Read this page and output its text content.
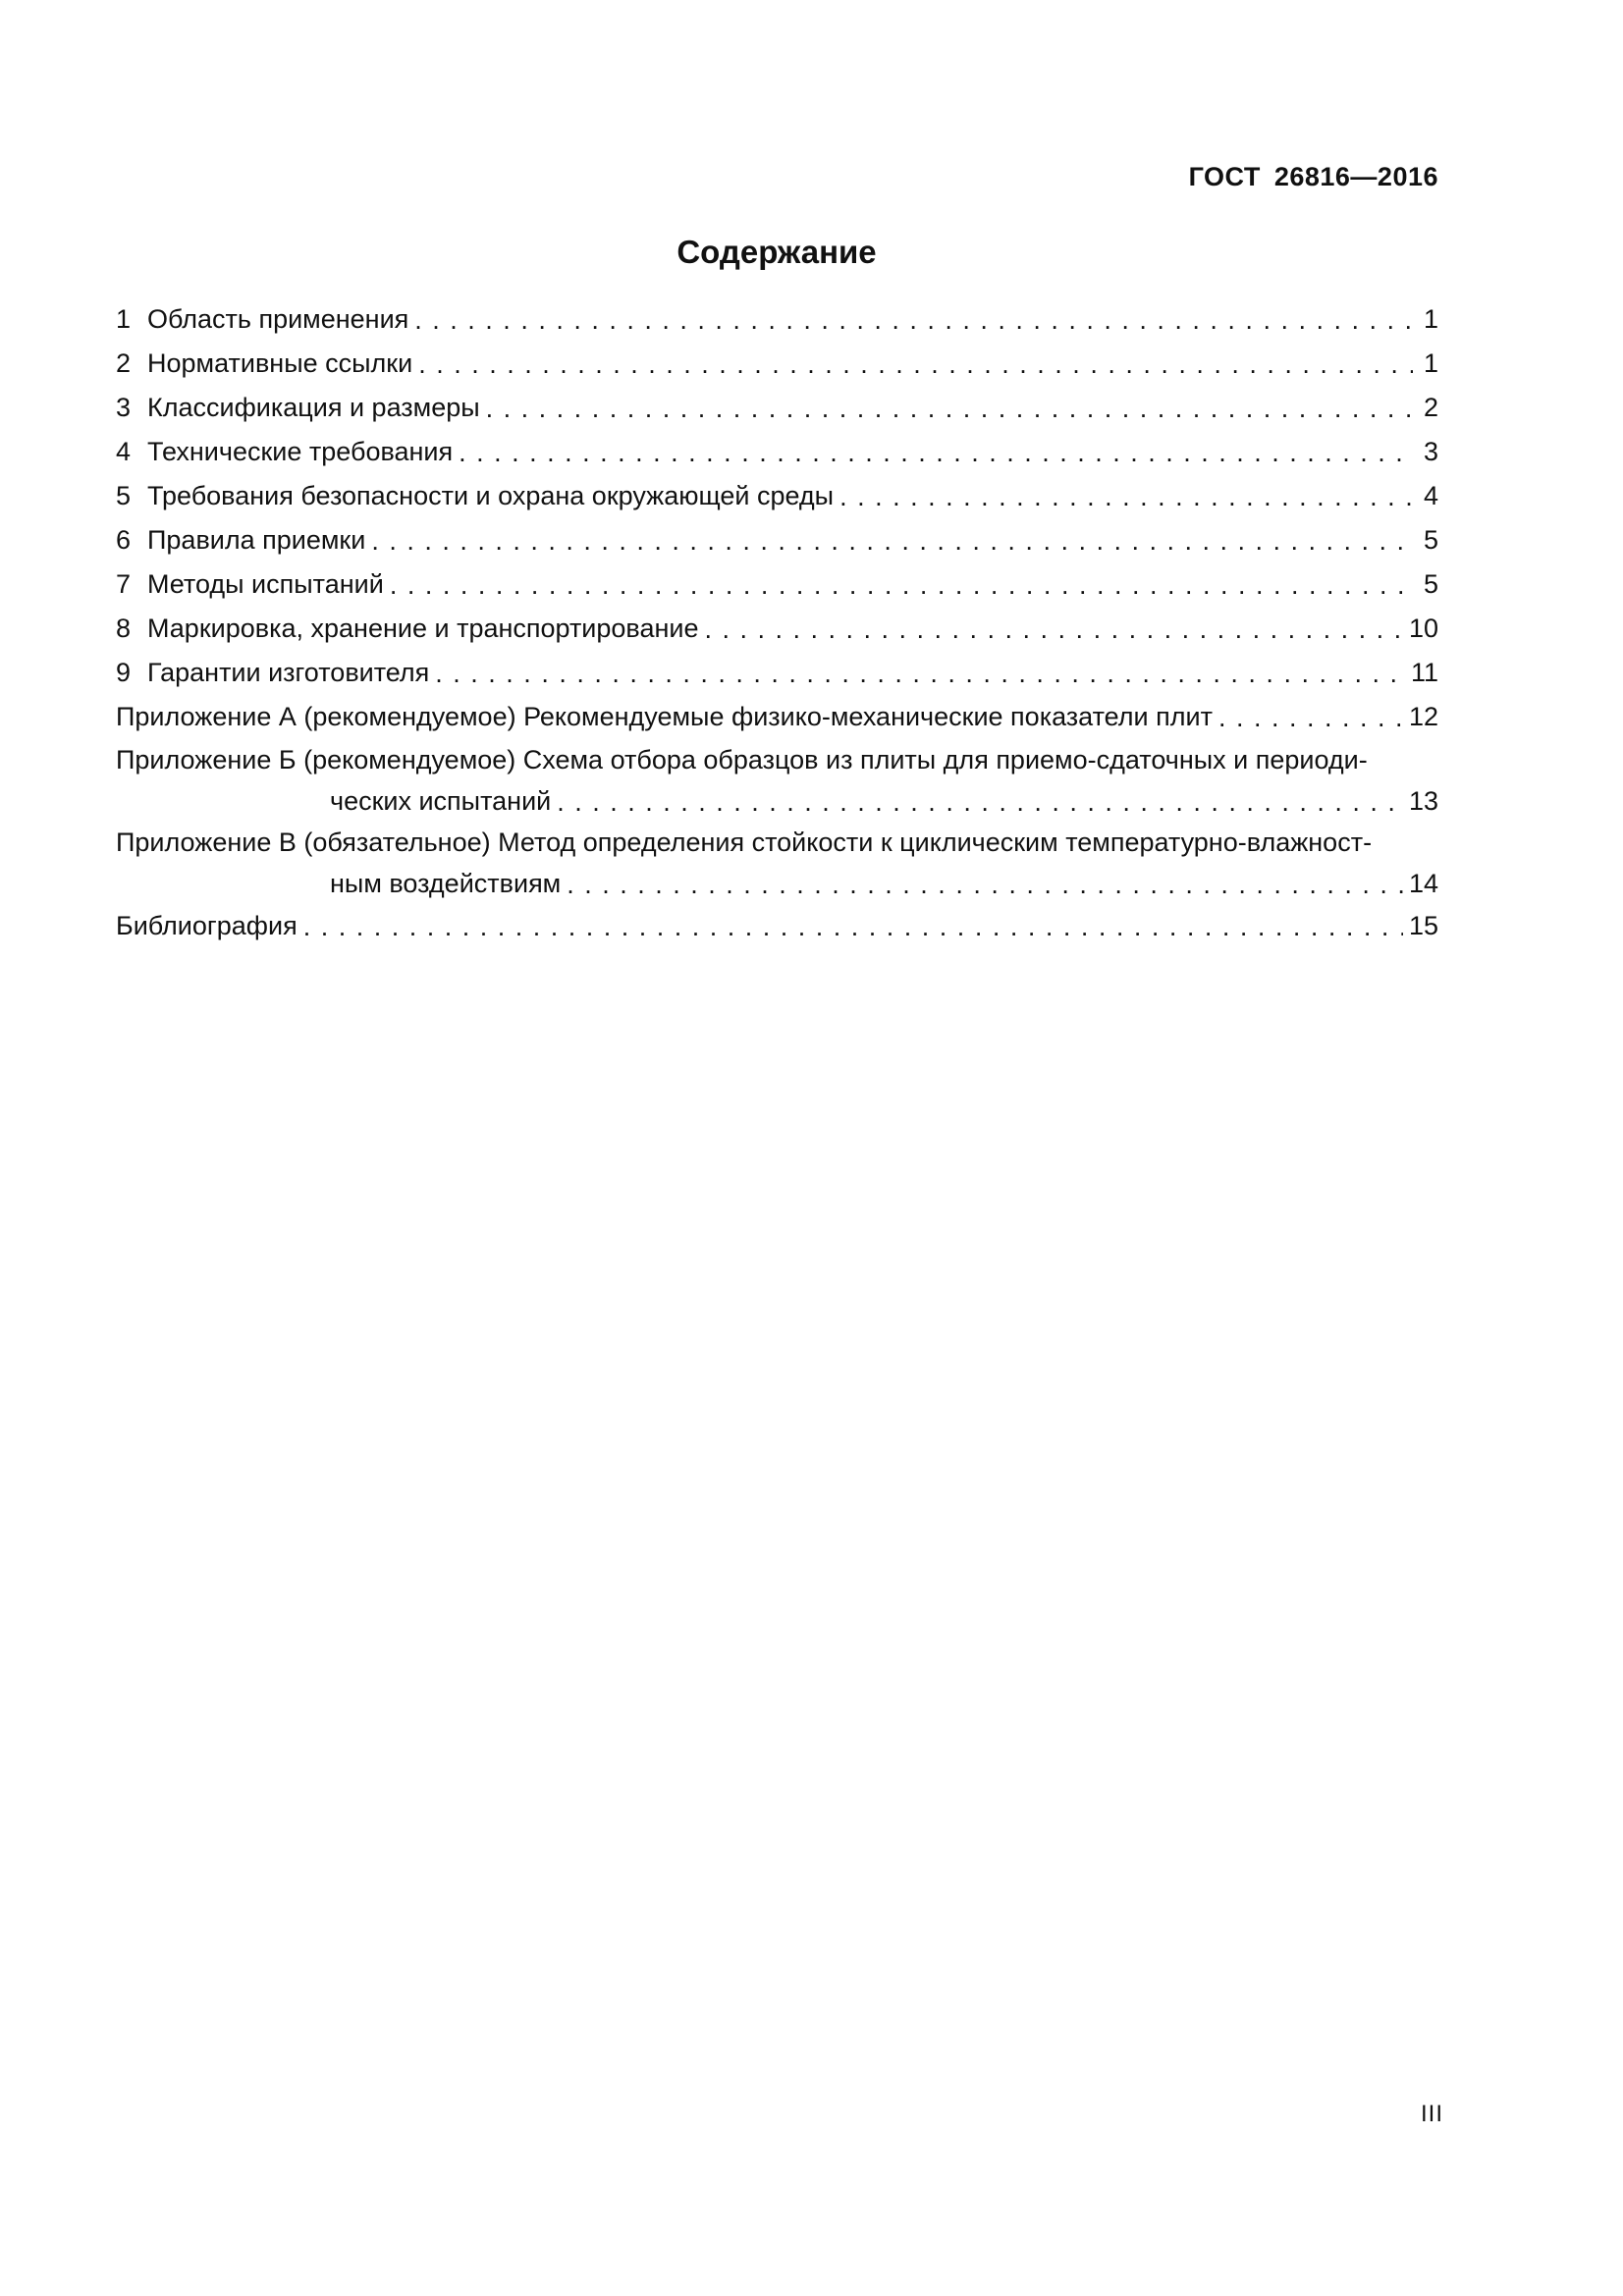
ГОСТ 26816—2016
Содержание
1 Область применения . . .	1
2 Нормативные ссылки . . .	1
3 Классификация и размеры . . .	2
4 Технические требования . . .	3
5 Требования безопасности и охрана окружающей среды . . .	4
6 Правила приемки . . .	5
7 Методы испытаний . . .	5
8 Маркировка, хранение и транспортирование . . .	10
9 Гарантии изготовителя . . .	11
Приложение А (рекомендуемое) Рекомендуемые физико-механические показатели плит . . .	12
Приложение Б (рекомендуемое) Схема отбора образцов из плиты для приемо-сдаточных и периоди-
ческих испытаний . . .	13
Приложение В (обязательное) Метод определения стойкости к циклическим температурно-влажност-
ным воздействиям . . .	14
Библиография . . .	15
III
